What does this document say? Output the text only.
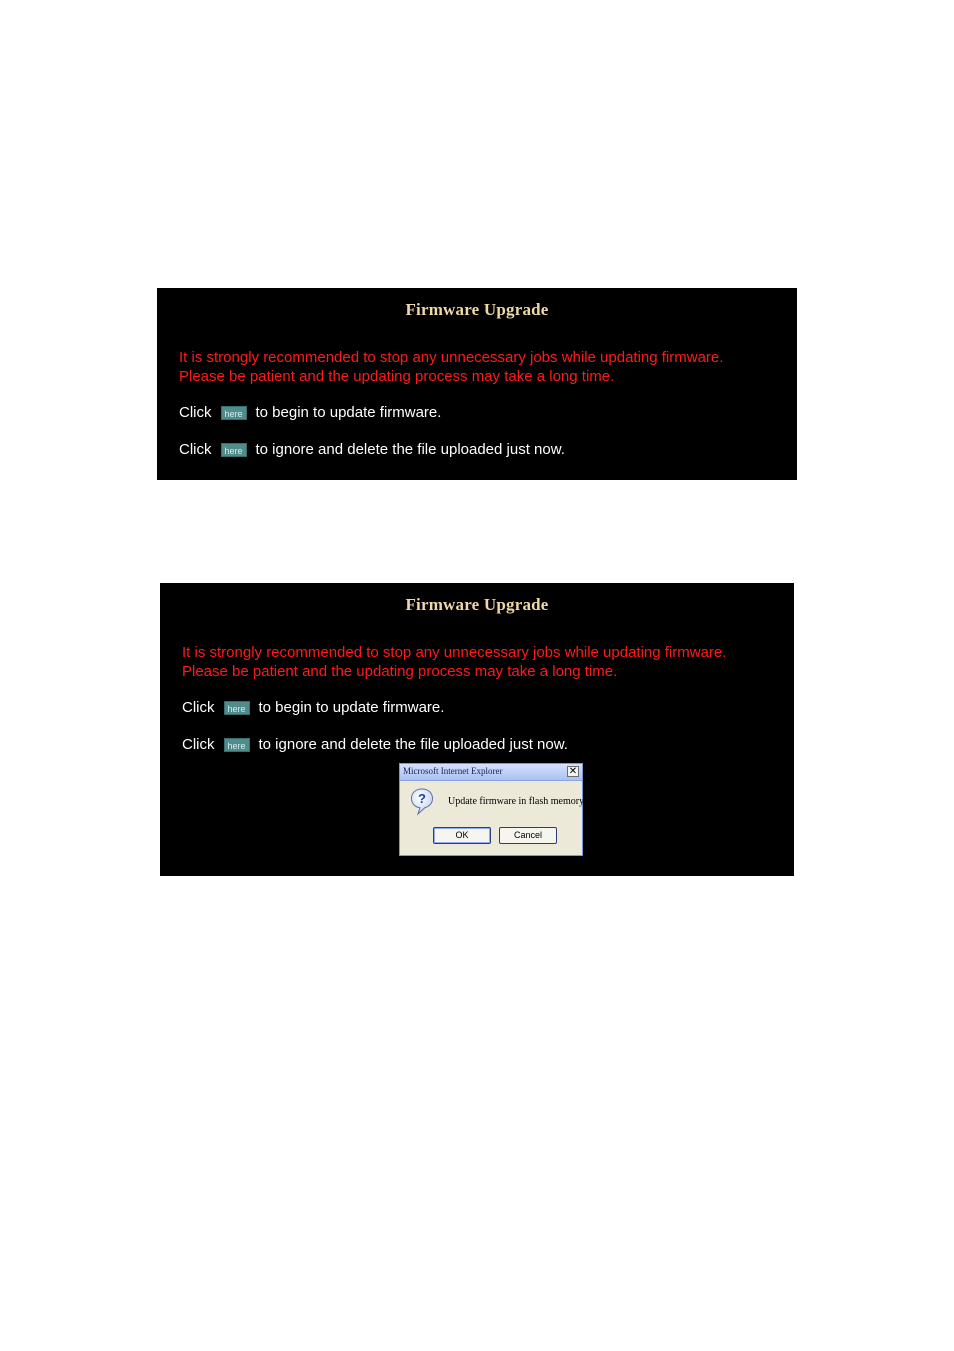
Firmware Upgrade
It is strongly recommended to stop any unnecessary jobs while updating firmware.
Please be patient and the updating process may take a long time.
Click	here to begin to update firmware.
Click	here to ignore and delete the file uploaded just now.
Firmware Upgrade
It is strongly recommended to stop any unnecessary jobs while updating firmware.
Please be patient and the updating process may take a long time.
Click	here to begin to update firmware.
Click	here to ignore and delete the file uploaded just now.
Microsoft Internet Explorer	✕
? Update firmware in flash memory?
OK	Cancel
